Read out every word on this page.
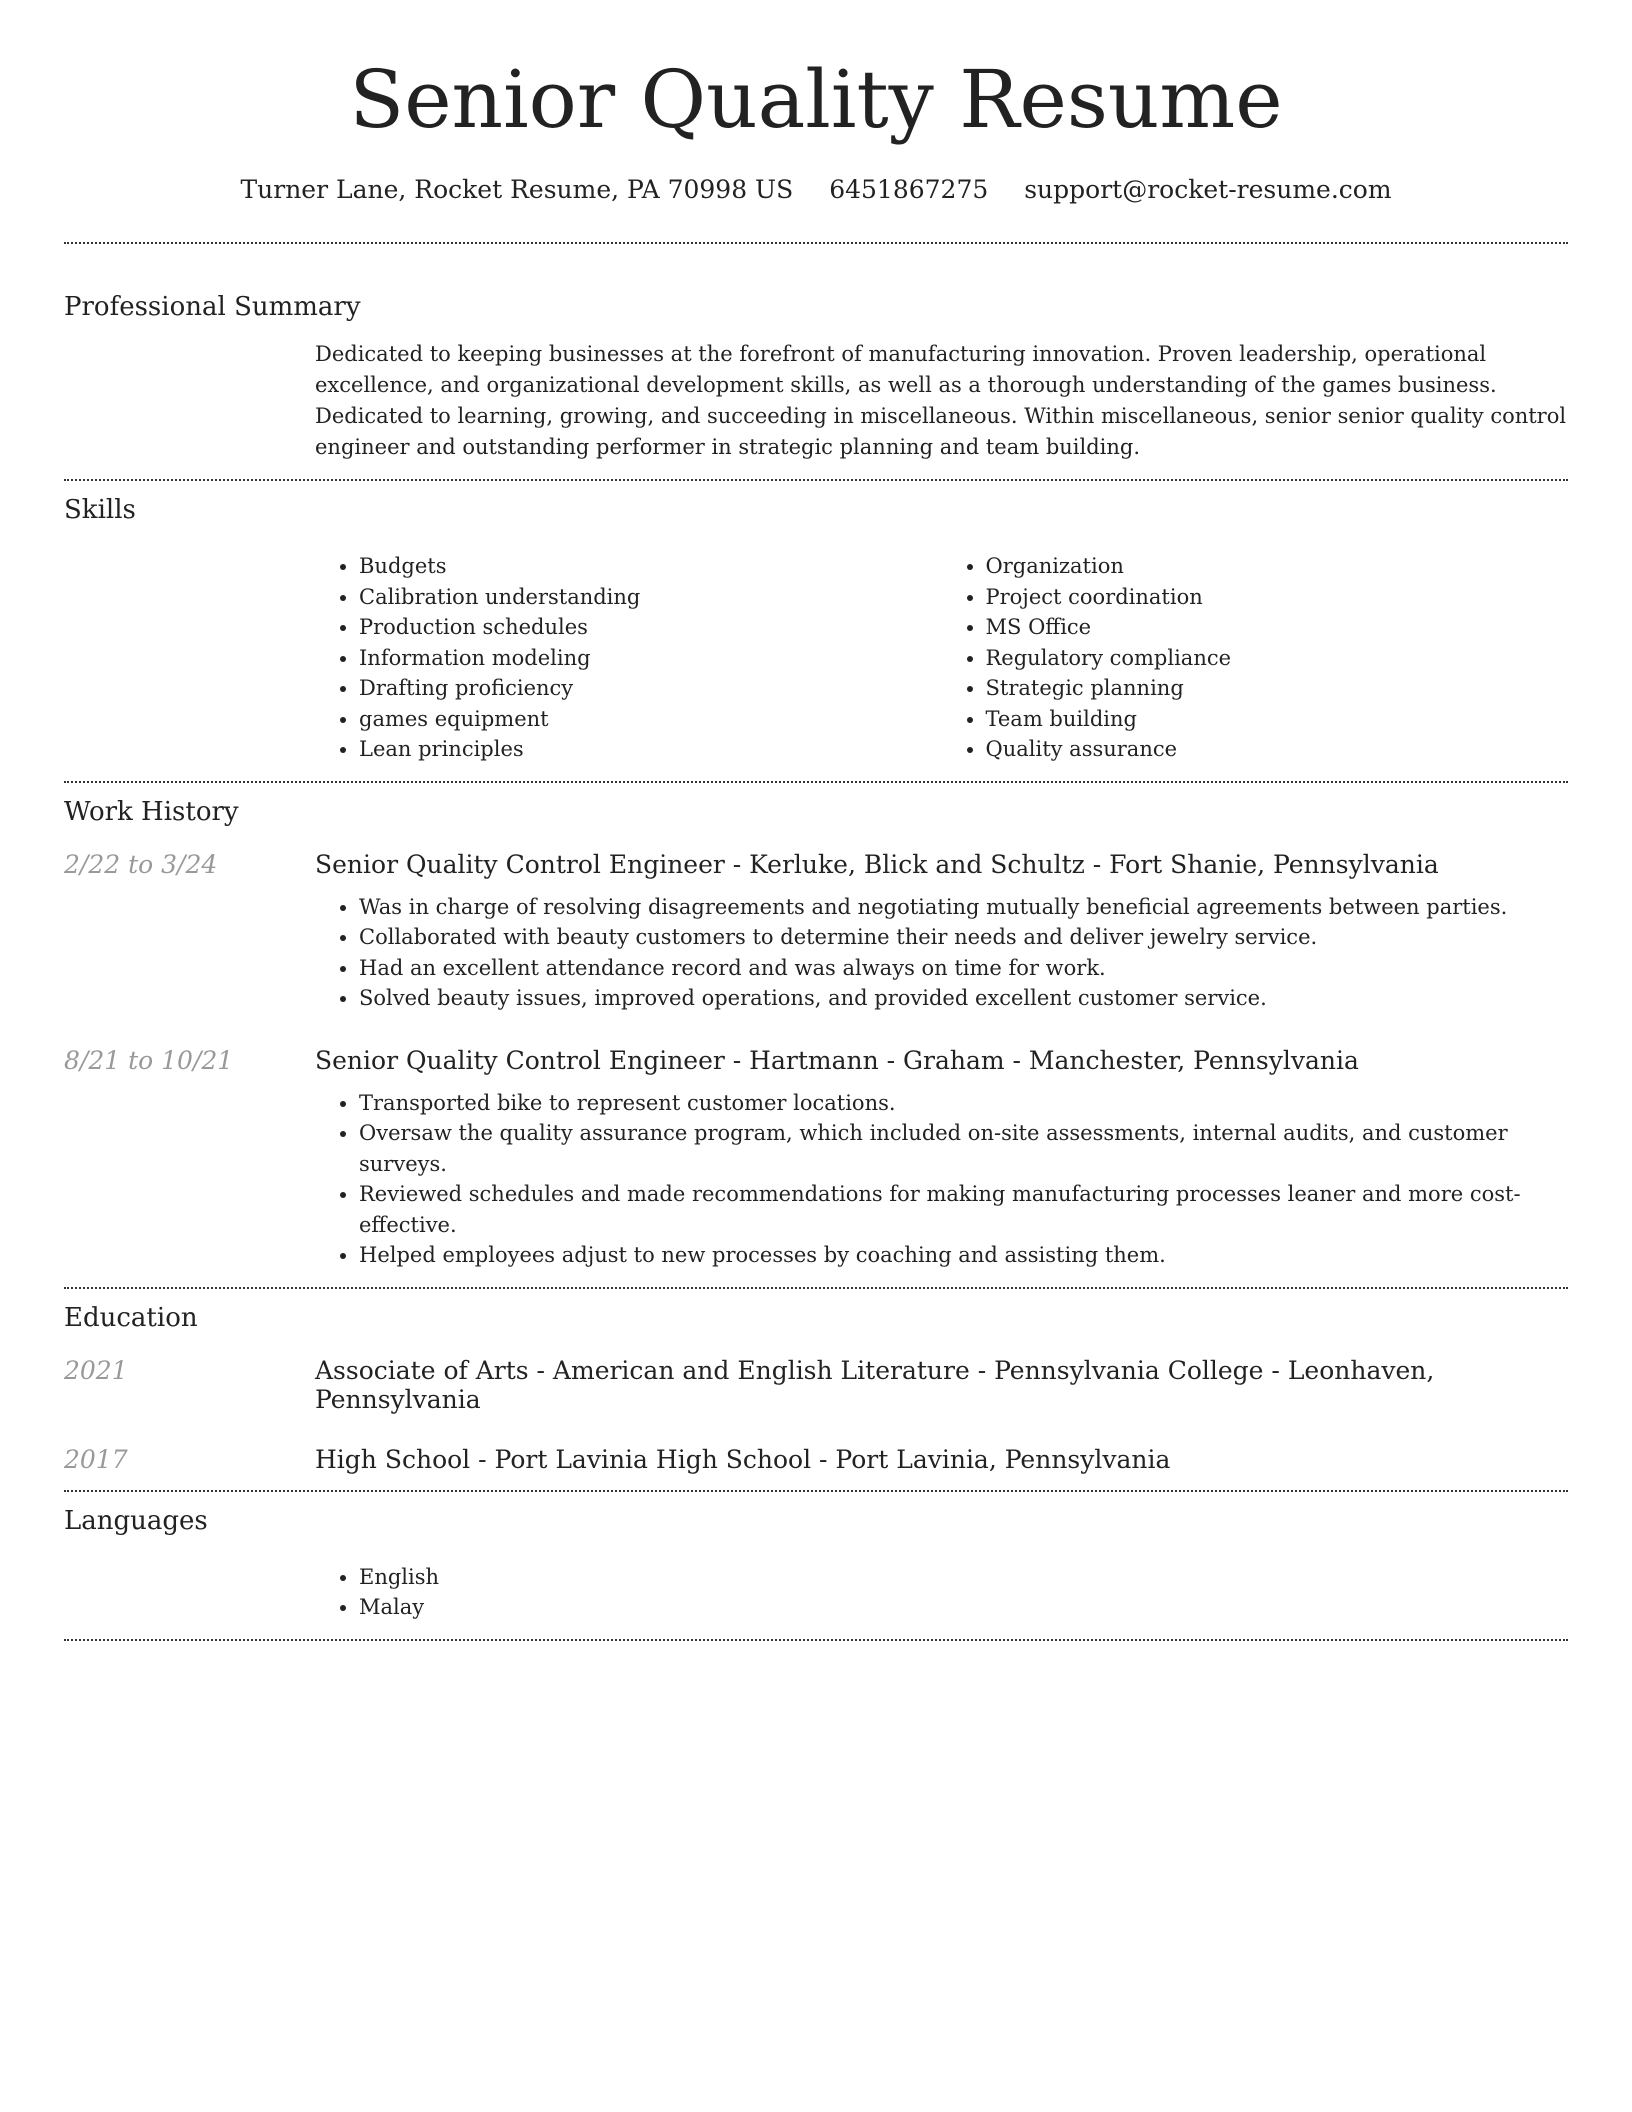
Senior Quality Resume
Turner Lane, Rocket Resume, PA 70998 US 6451867275 support@rocket-resume.com
Professional Summary

Dedicated to keeping businesses at the forefront of manufacturing innovation. Proven leadership, operational excellence, and organizational development skills, as well as a thorough understanding of the games business. Dedicated to learning, growing, and succeeding in miscellaneous. Within miscellaneous, senior senior quality control engineer and outstanding performer in strategic planning and team building.

Skills
• Budgets
• Calibration understanding
• Production schedules
• Information modeling
• Drafting proficiency
• games equipment
• Lean principles
• Organization
• Project coordination
• MS Office
• Regulatory compliance
• Strategic planning
• Team building
• Quality assurance
Work History
2/22 to 3/24	Senior Quality Control Engineer - Kerluke, Blick and Schultz - Fort Shanie, Pennsylvania
• Was in charge of resolving disagreements and negotiating mutually beneficial agreements between parties.
• Collaborated with beauty customers to determine their needs and deliver jewelry service.
• Had an excellent attendance record and was always on time for work.
• Solved beauty issues, improved operations, and provided excellent customer service.
8/21 to 10/21	Senior Quality Control Engineer - Hartmann - Graham - Manchester, Pennsylvania
• Transported bike to represent customer locations.
• Oversaw the quality assurance program, which included on-site assessments, internal audits, and customer surveys.
• Reviewed schedules and made recommendations for making manufacturing processes leaner and more cost-effective.
• Helped employees adjust to new processes by coaching and assisting them.
Education
2021	Associate of Arts - American and English Literature - Pennsylvania College - Leonhaven, Pennsylvania
2017	High School - Port Lavinia High School - Port Lavinia, Pennsylvania
Languages
• English
• Malay
